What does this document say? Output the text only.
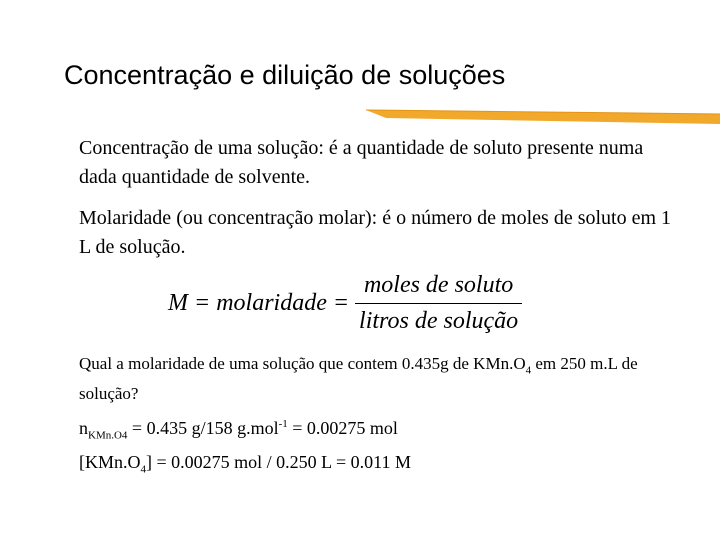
Concentração e diluição de soluções
Concentração de uma solução: é a quantidade de soluto presente numa dada quantidade de solvente.
Molaridade (ou concentração molar): é o número de moles de soluto em 1 L de solução.
M = molaridade = $\frac{\text{moles de soluto}}{\text{litros de solução}}$
Qual a molaridade de uma solução que contem 0.435g de $KMn.O_4$ em 250 m.L de solução?
$n_{KMn.O4} = 0.435$ g/158 g.mol$^{-1}$ = 0.00275 mol
$[KMn.O_4] = 0.00275$ mol / 0.250 L = 0.011 M
